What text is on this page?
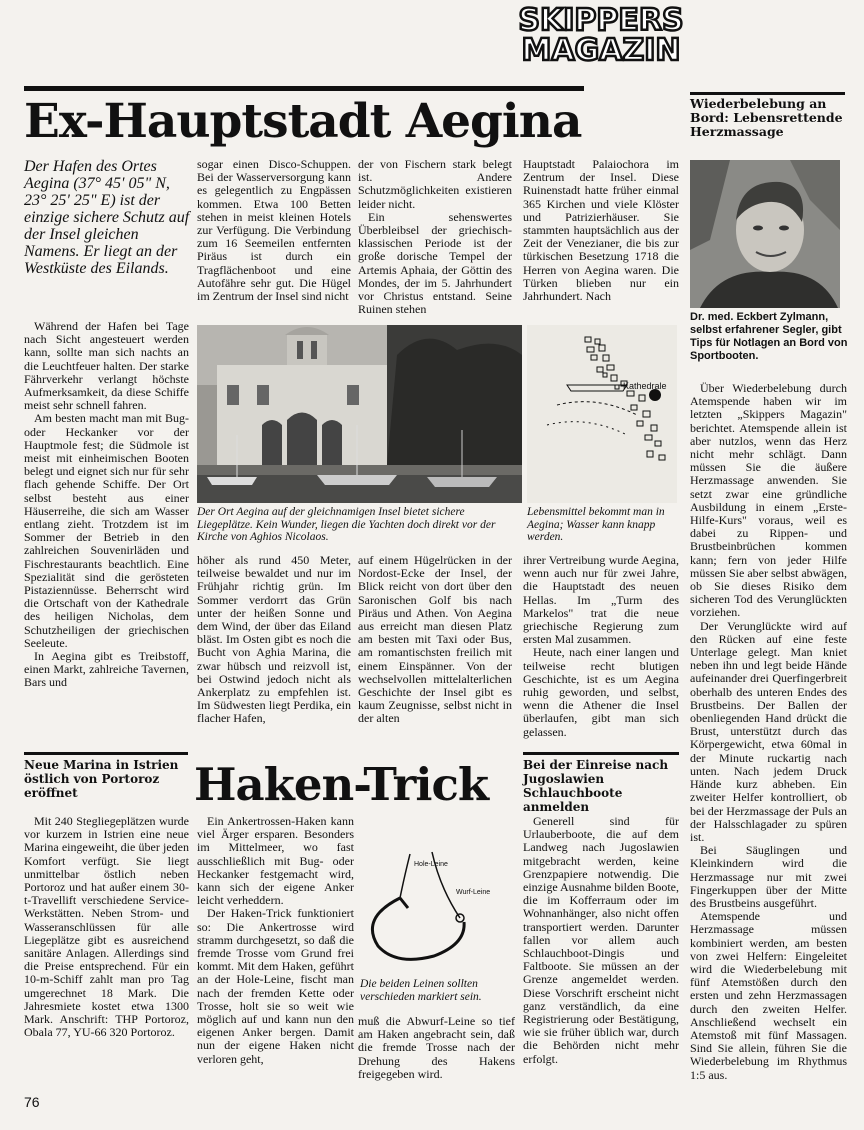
SKIPPERS
MAGAZIN
Ex-Hauptstadt Aegina	Wiederbelebung an Bord: Lebensrettende Herzmassage
Dr. med. Eckbert Zylmann, selbst erfahrener Segler, gibt Tips für Notlagen an Bord von Sportbooten.
Der Hafen des Ortes Aegina (37° 45' 05" N, 23° 25' 25" E) ist der einzige sichere Schutz auf der Insel gleichen Namens. Er liegt an der Westküste des Eilands.

Während der Hafen bei Tage nach Sicht angesteuert werden kann, sollte man sich nachts an die Leuchtfeuer halten. Der starke Fährverkehr verlangt höchste Aufmerksamkeit, da diese Schiffe meist sehr schnell fahren.

Am besten macht man mit Bug- oder Heckanker vor der Hauptmole fest; die Südmole ist meist mit einheimischen Booten belegt und eignet sich nur für sehr flach gehende Schiffe. Der Ort selbst besteht aus einer Häuserreihe, die sich am Wasser entlang zieht. Trotzdem ist im Sommer der Betrieb in den zahlreichen Souvenirläden und Fischrestaurants beachtlich. Eine Spezialität sind die gerösteten Pistaziennüsse. Beherrscht wird die Ortschaft von der Kathedrale des heiligen Nicholas, dem Schutzheiligen der griechischen Seeleute.

In Aegina gibt es Treibstoff, einen Markt, zahlreiche Tavernen, Bars und

sogar einen Disco-Schuppen. Bei der Wasserversorgung kann es gelegentlich zu Engpässen kommen. Etwa 100 Betten stehen in meist kleinen Hotels zur Verfügung. Die Verbindung zum 16 Seemeilen entfernten Piräus ist durch ein Tragflächenboot und eine Autofähre sehr gut. Die Hügel im Zentrum der Insel sind nicht

der von Fischern stark belegt ist. Andere Schutzmöglichkeiten existieren leider nicht.

Ein sehenswertes Überbleibsel der griechisch-klassischen Periode ist der große dorische Tempel der Artemis Aphaia, der Göttin des Mondes, der im 5. Jahrhundert vor Christus entstand. Seine Ruinen stehen

Hauptstadt Palaiochora im Zentrum der Insel. Diese Ruinenstadt hatte früher einmal 365 Kirchen und viele Klöster und Patrizierhäuser. Sie stammten hauptsächlich aus der Zeit der Venezianer, die bis zur türkischen Besetzung 1718 die Herren von Aegina waren. Die Türken blieben nur ein Jahrhundert. Nach

Der Ort Aegina auf der gleichnamigen Insel bietet sichere Liegeplätze. Kein Wunder, liegen die Yachten doch direkt vor der Kirche von Aghios Nicolaos.
Kathedrale
Lebensmittel bekommt man in Aegina; Wasser kann knapp werden.

höher als rund 450 Meter, teilweise bewaldet und nur im Frühjahr richtig grün. Im Sommer verdorrt das Grün unter der heißen Sonne und dem Wind, der über das Eiland bläst. Im Osten gibt es noch die Bucht von Aghia Marina, die zwar hübsch und reizvoll ist, bei Ostwind jedoch nicht als Ankerplatz zu empfehlen ist. Im Südwesten liegt Perdika, ein flacher Hafen,

auf einem Hügelrücken in der Nordost-Ecke der Insel, der Blick reicht von dort über den Saronischen Golf bis nach Piräus und Athen. Von Aegina aus erreicht man diesen Platz am besten mit Taxi oder Bus, am romantischsten freilich mit einem Einspänner. Von der wechselvollen mittelalterlichen Geschichte der Insel gibt es kaum Zeugnisse, selbst nicht in der alten

ihrer Vertreibung wurde Aegina, wenn auch nur für zwei Jahre, die Hauptstadt des neuen Hellas. Im „Turm des Markelos" trat die neue griechische Regierung zum ersten Mal zusammen.

Heute, nach einer langen und teilweise recht blutigen Geschichte, ist es um Aegina ruhig geworden, und selbst, wenn die Athener die Insel überlaufen, gibt man sich gelassen.

Über Wiederbelebung durch Atemspende haben wir im letzten „Skippers Magazin" berichtet. Atemspende allein ist aber nutzlos, wenn das Herz nicht mehr schlägt. Dann müssen Sie die äußere Herzmassage anwenden. Sie setzt zwar eine gründliche Ausbildung in einem „Erste-Hilfe-Kurs" voraus, weil es dabei zu Rippen- und Brustbeinbrüchen kommen kann; fern von jeder Hilfe müssen Sie aber selbst abwägen, ob Sie dieses Risiko dem sicheren Tod des Verunglückten vorziehen.

Der Verunglückte wird auf den Rücken auf eine feste Unterlage gelegt. Man kniet neben ihn und legt beide Hände aufeinander drei Querfingerbreit oberhalb des unteren Endes des Brustbeins. Der Ballen der obenliegenden Hand drückt die Brust, unterstützt durch das Körpergewicht, etwa 60mal in der Minute ruckartig nach unten. Nach jedem Druck Hände kurz abheben. Ein zweiter Helfer kontrolliert, ob bei der Herzmassage der Puls an der Halsschlagader zu spüren ist.

Bei Säuglingen und Kleinkindern wird die Herzmassage nur mit zwei Fingerkuppen über der Mitte des Brustbeins ausgeführt.

Atemspende und Herzmassage müssen kombiniert werden, am besten von zwei Helfern: Eingeleitet wird die Wiederbelebung mit fünf Atemstößen durch den ersten und zehn Herzmassagen durch den zweiten Helfer. Anschließend wechselt ein Atemstoß mit fünf Massagen. Sind Sie allein, führen Sie die Wiederbelebung im Rhythmus 1:5 aus.

Neue Marina in Istrien östlich von Portoroz eröffnet

Mit 240 Stegliegeplätzen wurde vor kurzem in Istrien eine neue Marina eingeweiht, die über jeden Komfort verfügt. Sie liegt unmittelbar östlich neben Portoroz und hat außer einem 30-t-Travellift verschiedene Service-Werkstätten. Neben Strom- und Wasseranschlüssen für alle Liegeplätze gibt es ausreichend sanitäre Anlagen. Allerdings sind die Preise entsprechend. Für ein 10-m-Schiff zahlt man pro Tag umgerechnet 18 Mark. Die Jahresmiete kostet etwa 1300 Mark. Anschrift: THP Portoroz, Obala 77, YU-66 320 Portoroz.

Haken-Trick

Ein Ankertrossen-Haken kann viel Ärger ersparen. Besonders im Mittelmeer, wo fast ausschließlich mit Bug- oder Heckanker festgemacht wird, kann sich der eigene Anker leicht verheddern.

Der Haken-Trick funktioniert so: Die Ankertrosse wird stramm durchgesetzt, so daß die fremde Trosse vom Grund frei kommt. Mit dem Haken, geführt an der Hole-Leine, fischt man nach der fremden Kette oder Trosse, holt sie so weit wie möglich auf und kann nun den eigenen Anker bergen. Damit nun der eigene Haken nicht verloren geht,

Hole-Leine
Wurf-Leine
Die beiden Leinen sollten verschieden markiert sein.

muß die Abwurf-Leine so tief am Haken angebracht sein, daß die fremde Trosse nach der Drehung des Hakens freigegeben wird.

Bei der Einreise nach Jugoslawien Schlauchboote anmelden

Generell sind für Urlauberboote, die auf dem Landweg nach Jugoslawien mitgebracht werden, keine Grenzpapiere notwendig. Die einzige Ausnahme bilden Boote, die im Kofferraum oder im Wohnanhänger, also nicht offen transportiert werden. Darunter fallen vor allem auch Schlauchboot-Dingis und Faltboote. Sie müssen an der Grenze angemeldet werden. Diese Vorschrift erscheint nicht ganz verständlich, da eine Registrierung oder Bestätigung, wie sie früher üblich war, durch die Behörden nicht mehr erfolgt.

76
